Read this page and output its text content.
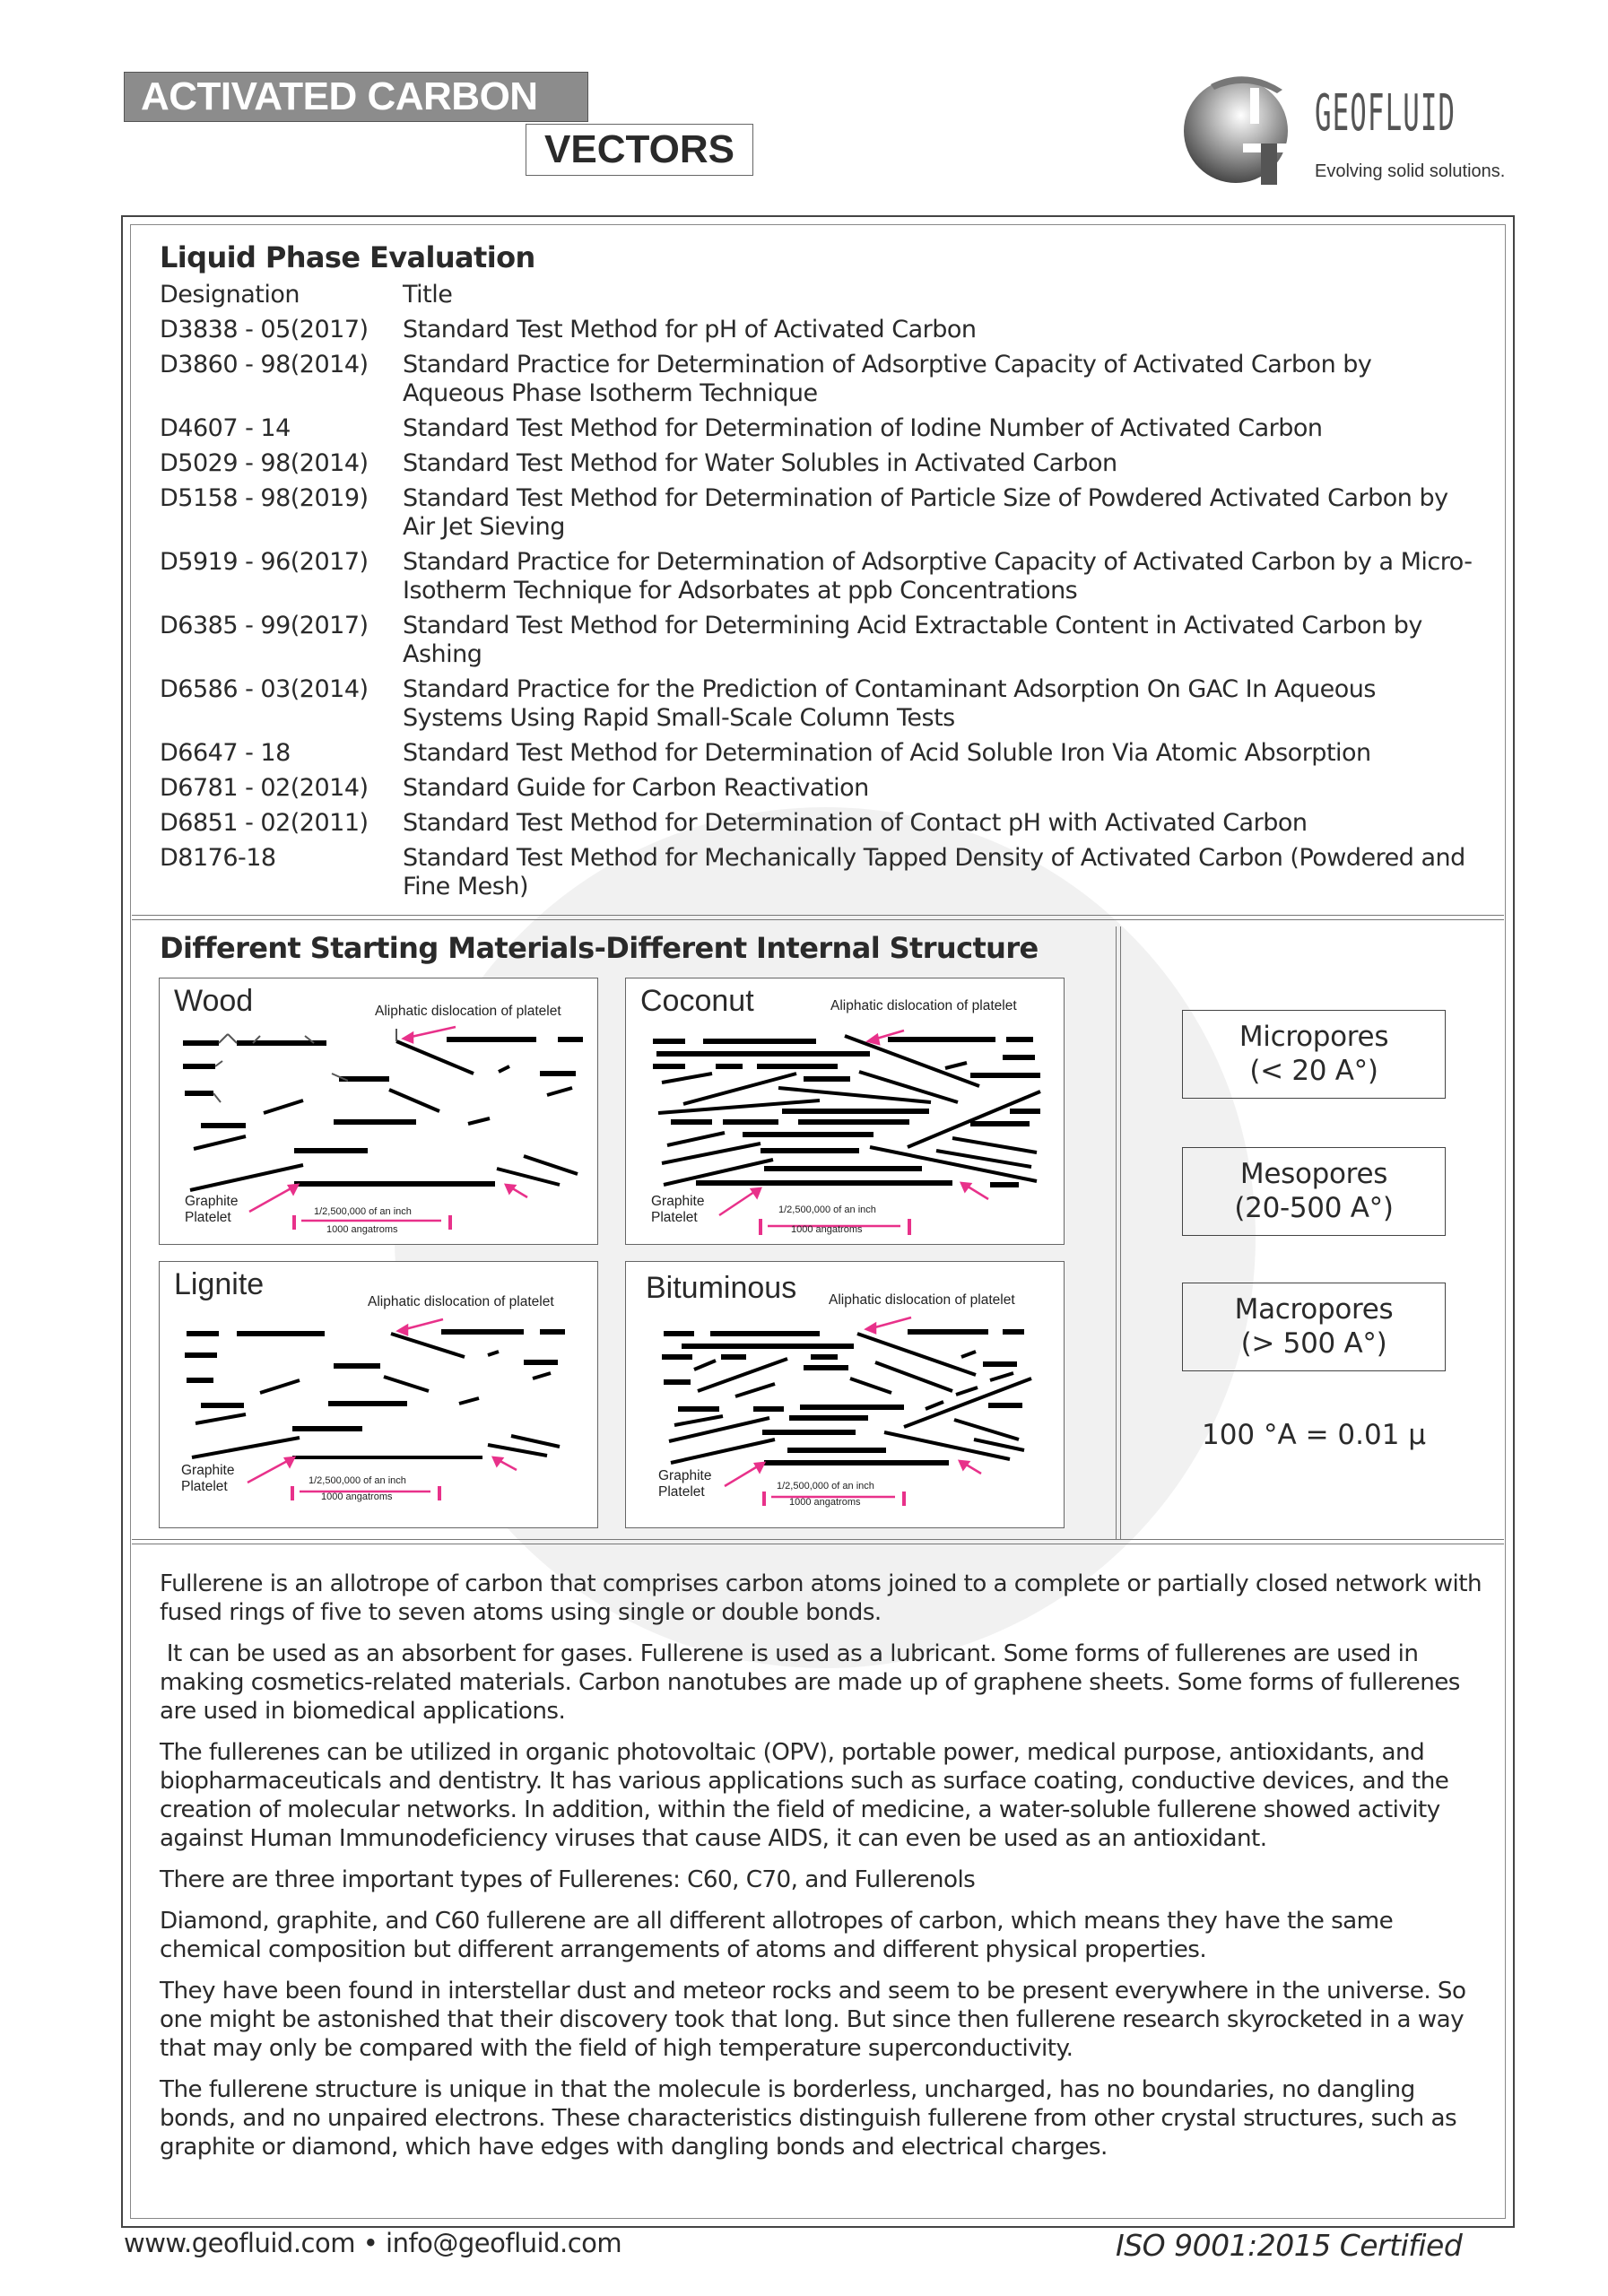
ACTIVATED CARBON
VECTORS
GEOFLUID
Evolving solid solutions.
Liquid Phase Evaluation
Designation	Title
D3838 - 05(2017)	Standard Test Method for pH of Activated Carbon
D3860 - 98(2014)	Standard Practice for Determination of Adsorptive Capacity of Activated Carbon by Aqueous Phase Isotherm Technique
D4607 - 14	Standard Test Method for Determination of Iodine Number of Activated Carbon
D5029 - 98(2014)	Standard Test Method for Water Solubles in Activated Carbon
D5158 - 98(2019)	Standard Test Method for Determination of Particle Size of Powdered Activated Carbon by Air Jet Sieving
D5919 - 96(2017)	Standard Practice for Determination of Adsorptive Capacity of Activated Carbon by a Micro-Isotherm Technique for Adsorbates at ppb Concentrations
D6385 - 99(2017)	Standard Test Method for Determining Acid Extractable Content in Activated Carbon by Ashing
D6586 - 03(2014)	Standard Practice for the Prediction of Contaminant Adsorption On GAC In Aqueous Systems Using Rapid Small-Scale Column Tests
D6647 - 18	Standard Test Method for Determination of Acid Soluble Iron Via Atomic Absorption
D6781 - 02(2014)	Standard Guide for Carbon Reactivation
D6851 - 02(2011)	Standard Test Method for Determination of Contact pH with Activated Carbon
D8176-18	Standard Test Method for Mechanically Tapped Density of Activated Carbon (Powdered and Fine Mesh)
Different Starting Materials-Different Internal Structure
Wood	Aliphatic dislocation of platelet
Graphite
Platelet	1/2,500,000 of an inch
1000 angatroms
Coconut	Aliphatic dislocation of platelet
Graphite
Platelet	1/2,500,000 of an inch
1000 angatroms
Lignite
Aliphatic dislocation of platelet
Graphite
Platelet	1/2,500,000 of an inch
1000 angatroms
Bituminous Aliphatic dislocation of platelet
Graphite
Platelet	1/2,500,000 of an inch
1000 angatroms
Micropores
(< 20 A°)
Mesopores
(20-500 A°)
Macropores
(> 500 A°)
100 °A = 0.01 μ

Fullerene is an allotrope of carbon that comprises carbon atoms joined to a complete or partially closed network with fused rings of five to seven atoms using single or double bonds.

It can be used as an absorbent for gases. Fullerene is used as a lubricant. Some forms of fullerenes are used in making cosmetics-related materials. Carbon nanotubes are made up of graphene sheets. Some forms of fullerenes are used in biomedical applications.

The fullerenes can be utilized in organic photovoltaic (OPV), portable power, medical purpose, antioxidants, and biopharmaceuticals and dentistry. It has various applications such as surface coating, conductive devices, and the creation of molecular networks. In addition, within the field of medicine, a water-soluble fullerene showed activity against Human Immunodeficiency viruses that cause AIDS, it can even be used as an antioxidant.

There are three important types of Fullerenes: C60, C70, and Fullerenols

Diamond, graphite, and C60 fullerene are all different allotropes of carbon, which means they have the same chemical composition but different arrangements of atoms and different physical properties.

They have been found in interstellar dust and meteor rocks and seem to be present everywhere in the universe. So one might be astonished that their discovery took that long. But since then fullerene research skyrocketed in a way that may only be compared with the field of high temperature superconductivity.

The fullerene structure is unique in that the molecule is borderless, uncharged, has no boundaries, no dangling bonds, and no unpaired electrons. These characteristics distinguish fullerene from other crystal structures, such as graphite or diamond, which have edges with dangling bonds and electrical charges.

www.geofluid.com • info@geofluid.com	ISO 9001:2015 Certified
